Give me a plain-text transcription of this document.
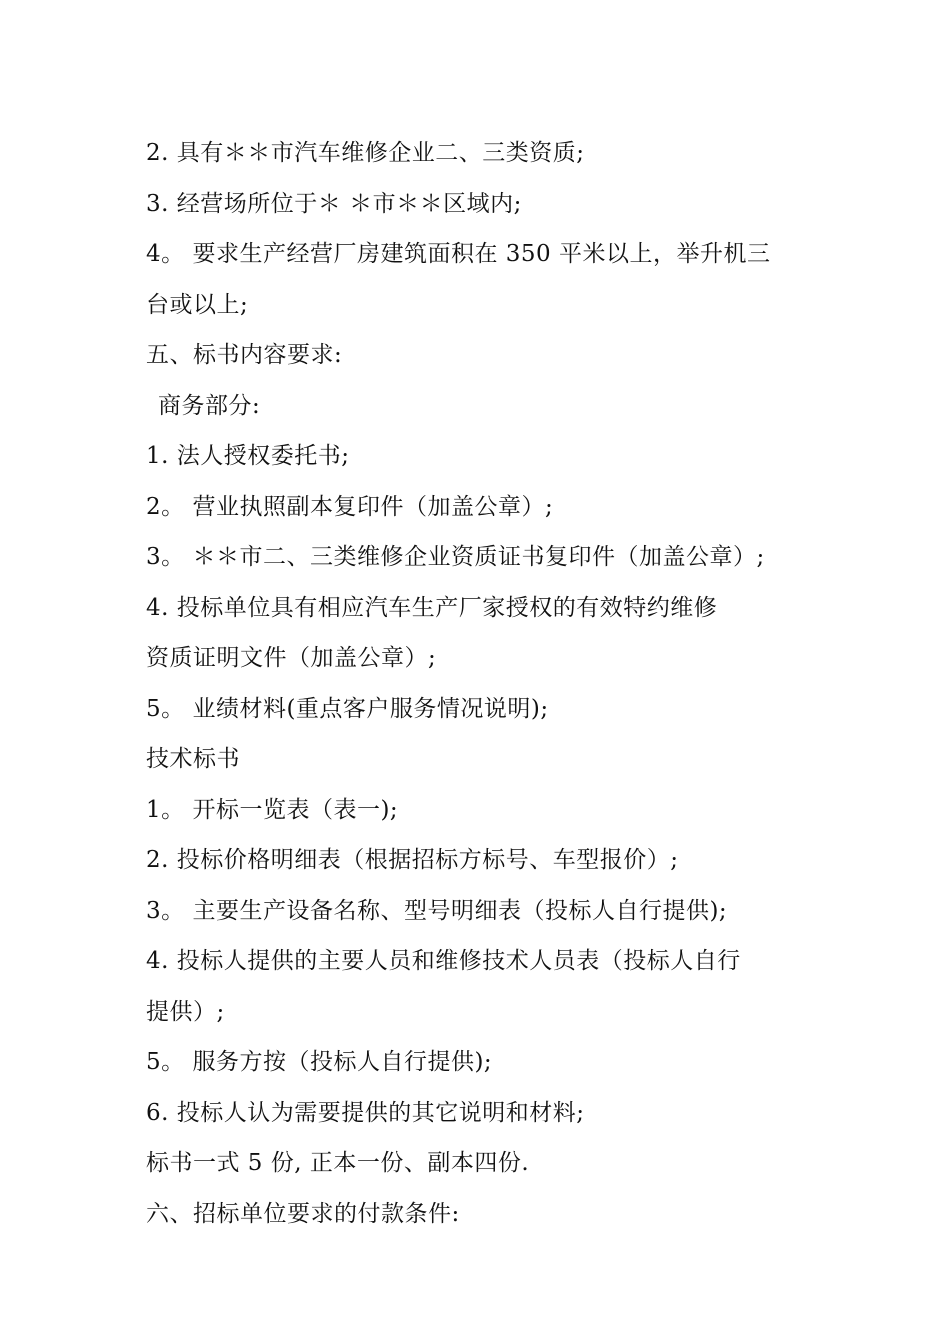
2. 具有＊＊市汽车维修企业二、三类资质;
3. 经营场所位于＊ ＊市＊＊区域内;
4。 要求生产经营厂房建筑面积在 350 平米以上，举升机三
台或以上;
五、标书内容要求:
商务部分:
1. 法人授权委托书;
2。 营业执照副本复印件（加盖公章）;
3。 ＊＊市二、三类维修企业资质证书复印件（加盖公章）;
4. 投标单位具有相应汽车生产厂家授权的有效特约维修
资质证明文件（加盖公章）;
5。 业绩材料(重点客户服务情况说明);
技术标书
1。 开标一览表（表一);
2. 投标价格明细表（根据招标方标号、车型报价）;
3。 主要生产设备名称、型号明细表（投标人自行提供);
4. 投标人提供的主要人员和维修技术人员表（投标人自行
提供）;
5。 服务方按（投标人自行提供);
6. 投标人认为需要提供的其它说明和材料;
标书一式 5 份, 正本一份、副本四份.
六、招标单位要求的付款条件:
